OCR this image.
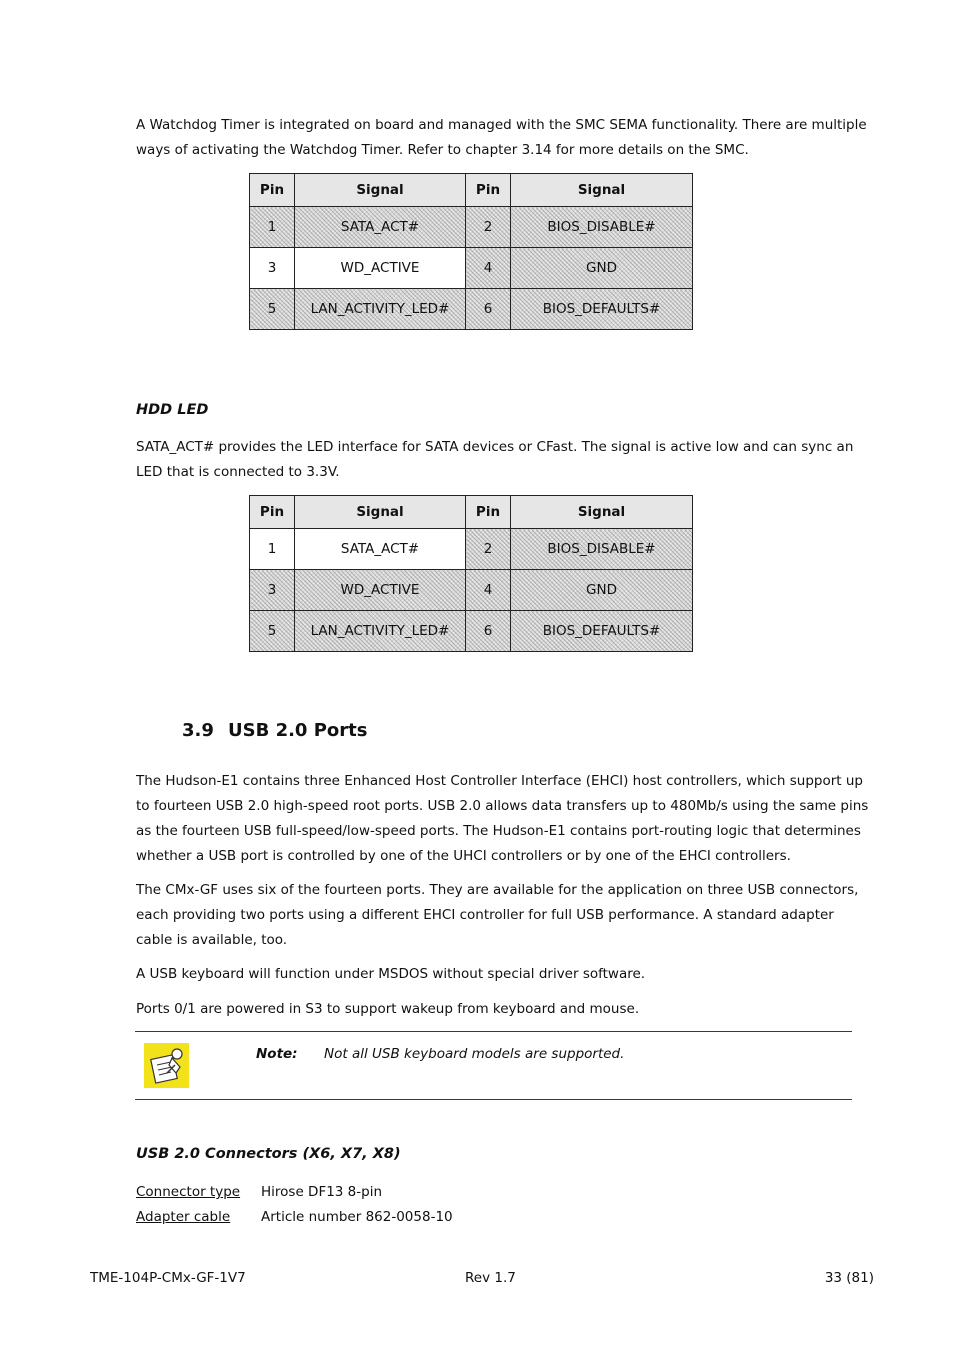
A Watchdog Timer is integrated on board and managed with the SMC SEMA functionality. There are multiple ways of activating the Watchdog Timer. Refer to chapter 3.14 for more details on the SMC.

Pin	Signal	Pin	Signal
1	SATA_ACT#	2	BIOS_DISABLE#
3	WD_ACTIVE	4	GND
5	LAN_ACTIVITY_LED#	6	BIOS_DEFAULTS#
HDD LED

SATA_ACT# provides the LED interface for SATA devices or CFast. The signal is active low and can sync an LED that is connected to 3.3V.

Pin	Signal	Pin	Signal
1	SATA_ACT#	2	BIOS_DISABLE#
3	WD_ACTIVE	4	GND
5	LAN_ACTIVITY_LED#	6	BIOS_DEFAULTS#
3.9 USB 2.0 Ports

The Hudson-E1 contains three Enhanced Host Controller Interface (EHCI) host controllers, which support up to fourteen USB 2.0 high-speed root ports. USB 2.0 allows data transfers up to 480Mb/s using the same pins as the fourteen USB full-speed/low-speed ports. The Hudson-E1 contains port-routing logic that determines whether a USB port is controlled by one of the UHCI controllers or by one of the EHCI controllers.

The CMx-GF uses six of the fourteen ports. They are available for the application on three USB connectors, each providing two ports using a different EHCI controller for full USB performance. A standard adapter cable is available, too.

A USB keyboard will function under MSDOS without special driver software.

Ports 0/1 are powered in S3 to support wakeup from keyboard and mouse.

Note: Not all USB keyboard models are supported.
USB 2.0 Connectors (X6, X7, X8)
Connector type Hirose DF13 8-pin
Adapter cable Article number 862-0058-10
TME-104P-CMx-GF-1V7	Rev 1.7	33 (81)
